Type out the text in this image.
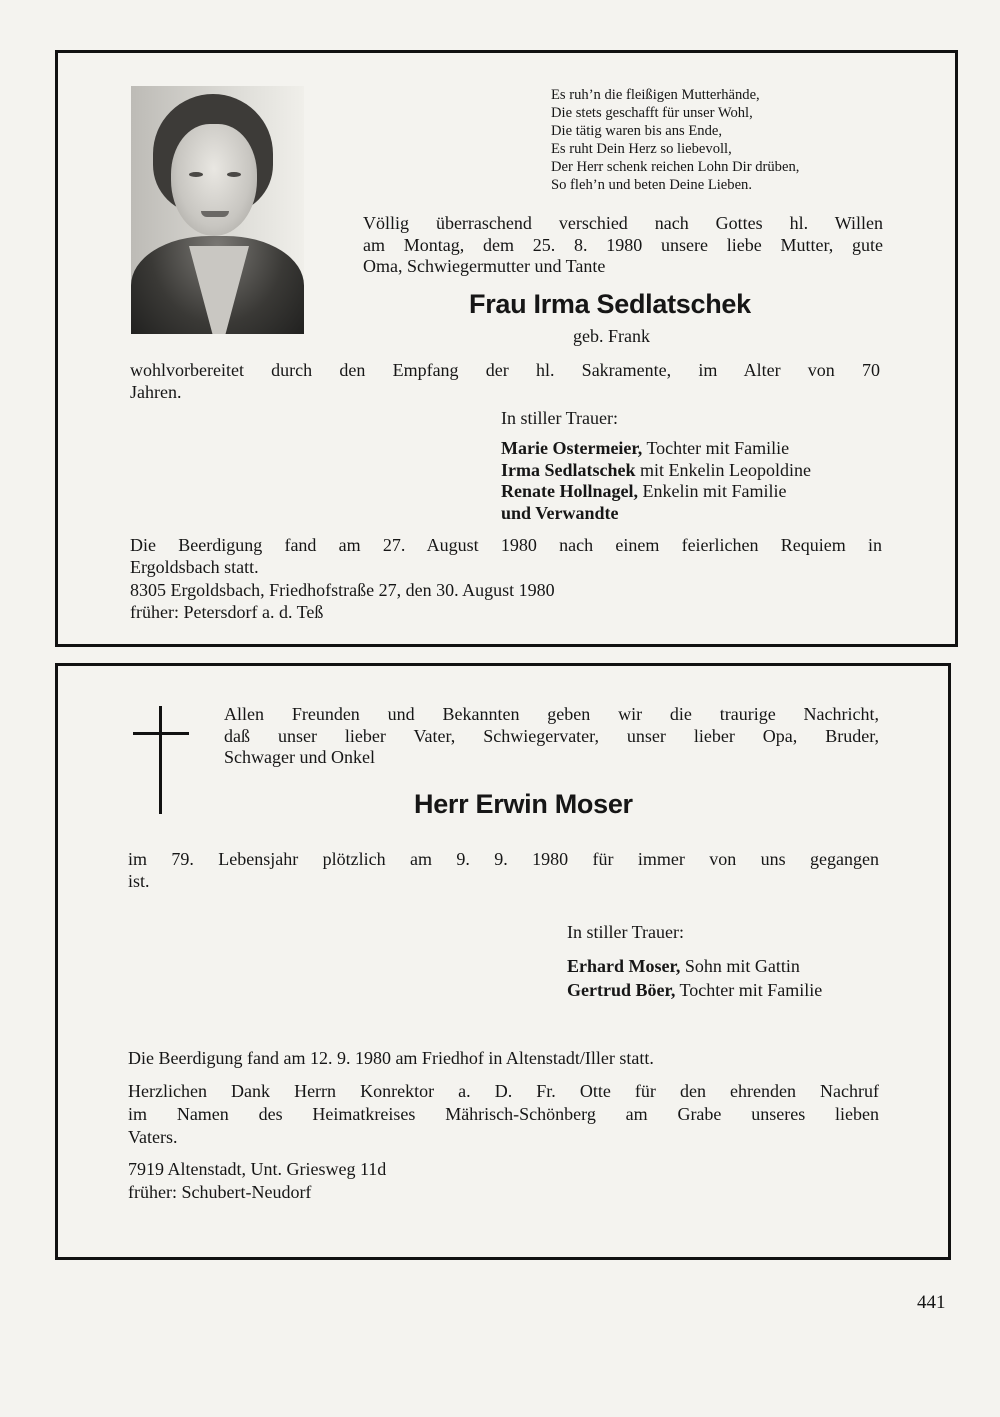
Es ruh’n die fleißigen Mutterhände,
Die stets geschafft für unser Wohl,
Die tätig waren bis ans Ende,
Es ruht Dein Herz so liebevoll,
Der Herr schenk reichen Lohn Dir drüben,
So fleh’n und beten Deine Lieben.
Völlig überraschend verschied nach Gottes hl. Willen
am Montag, dem 25. 8. 1980 unsere liebe Mutter, gute
Oma, Schwiegermutter und Tante
Frau Irma Sedlatschek
geb. Frank
wohlvorbereitet durch den Empfang der hl. Sakramente, im Alter von 70
Jahren.
In stiller Trauer:
Marie Ostermeier, Tochter mit Familie
Irma Sedlatschek mit Enkelin Leopoldine
Renate Hollnagel, Enkelin mit Familie
und Verwandte
Die Beerdigung fand am 27. August 1980 nach einem feierlichen Requiem in
Ergoldsbach statt.
8305 Ergoldsbach, Friedhofstraße 27, den 30. August 1980
früher: Petersdorf a. d. Teß
Allen Freunden und Bekannten geben wir die traurige Nachricht,
daß unser lieber Vater, Schwiegervater, unser lieber Opa, Bruder,
Schwager und Onkel
Herr Erwin Moser
im 79. Lebensjahr plötzlich am 9. 9. 1980 für immer von uns gegangen
ist.
In stiller Trauer:
Erhard Moser, Sohn mit Gattin
Gertrud Böer, Tochter mit Familie
Die Beerdigung fand am 12. 9. 1980 am Friedhof in Altenstadt/Iller statt.
Herzlichen Dank Herrn Konrektor a. D. Fr. Otte für den ehrenden Nachruf
im Namen des Heimatkreises Mährisch-Schönberg am Grabe unseres lieben
Vaters.
7919 Altenstadt, Unt. Griesweg 11d
früher: Schubert-Neudorf
441
